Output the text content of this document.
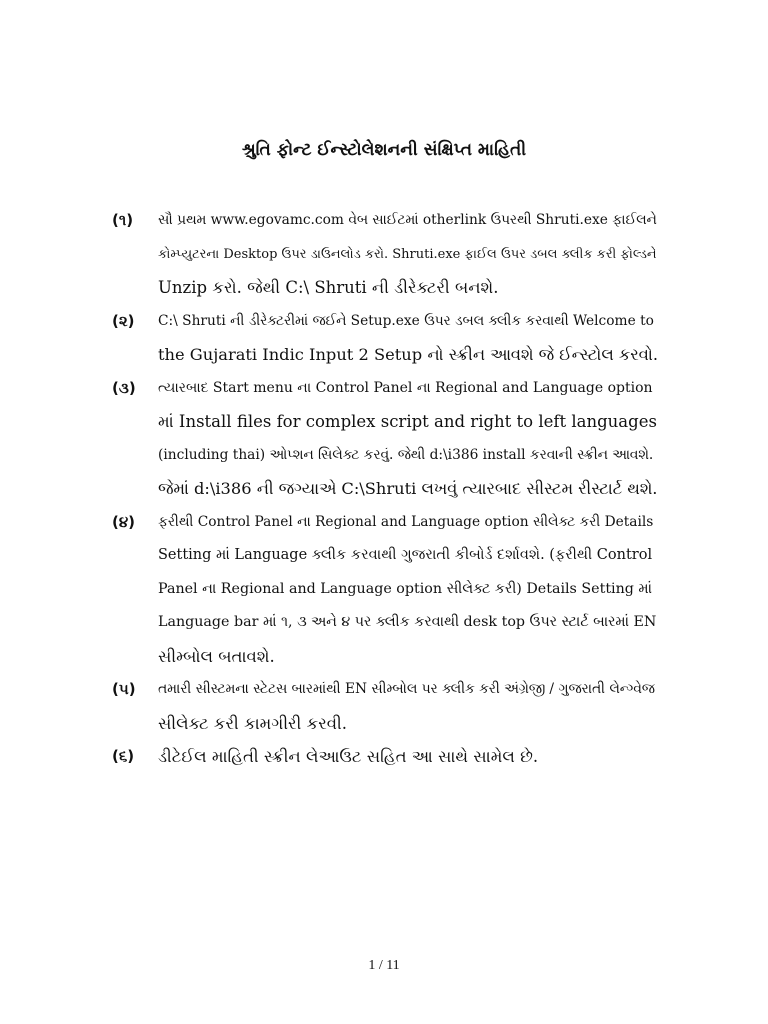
શ્રુતિ ફોન્ટ ઈન્સ્ટોલેશનની સંક્ષિપ્ત માહિતી
(૧)	સૌ પ્રથમ www.egovamc.com વેબ સાઈટમાં otherlink ઉપરથી Shruti.exe ફાઈલને
કોમ્પ્યુટરના Desktop ઉપર ડાઉનલોડ કરો. Shruti.exe ફાઈલ ઉપર ડબલ ક્લીક કરી ફોલ્ડને
Unzip કરો. જેથી C:\ Shruti ની ડીરેક્ટરી બનશે.
(૨)	C:\ Shruti ની ડીરેક્ટરીમાં જઈને Setup.exe ઉપર ડબલ ક્લીક કરવાથી Welcome to
the Gujarati Indic Input 2 Setup નો સ્ક્રીન આવશે જે ઈન્સ્ટોલ કરવો.
(૩)	ત્યારબાદ Start menu ના Control Panel ના Regional and Language option
માં Install files for complex script and right to left languages
(including thai) ઓપ્શન સિલેક્ટ કરવું. જેથી d:\i386 install કરવાની સ્ક્રીન આવશે.
જેમાં d:\i386 ની જગ્યાએ C:\Shruti લખવું ત્યારબાદ સીસ્ટમ રીસ્ટાર્ટ થશે.
(૪)	ફરીથી Control Panel ના Regional and Language option સીલેક્ટ કરી Details
Setting માં Language ક્લીક કરવાથી ગુજરાતી કીબોર્ડ દર્શાવશે. (ફરીથી Control
Panel ના Regional and Language option સીલેક્ટ કરી) Details Setting માં
Language bar માં ૧, ૩ અને ૪ પર ક્લીક કરવાથી desk top ઉપર સ્ટાર્ટ બારમાં EN
સીમ્બોલ બતાવશે.
(૫)	તમારી સીસ્ટમના સ્ટેટસ બારમાંથી EN સીમ્બોલ પર ક્લીક કરી અંગ્રેજી / ગુજરાતી લેન્ગ્વેજ
સીલેક્ટ કરી કામગીરી કરવી.
(૬)	ડીટેઈલ માહિતી સ્ક્રીન લેઆઉટ સહિત આ સાથે સામેલ છે.
1 / 11
